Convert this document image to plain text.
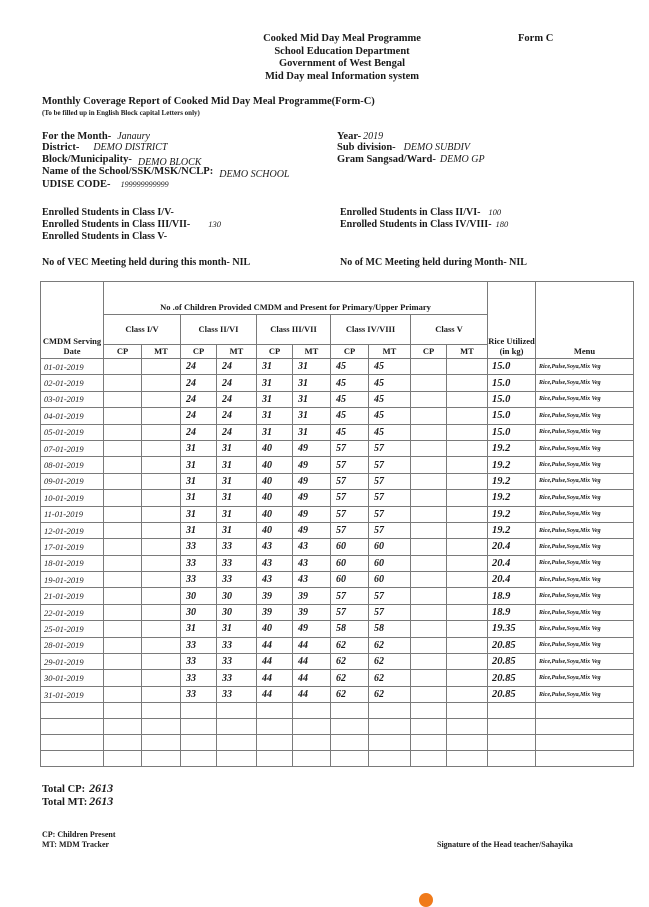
Cooked Mid Day Meal Programme
School Education Department
Government of West Bengal
Mid Day meal Information system
Form C
Monthly Coverage Report of Cooked Mid Day Meal Programme(Form-C)
(To be filled up in English Block capital Letters only)
For the Month- Janaury
District- DEMO DISTRICT
Block/Municipality- DEMO BLOCK
Name of the School/SSK/MSK/NCLP: DEMO SCHOOL
UDISE CODE- 199999999999
Year- 2019
Sub division- DEMO SUBDIV
Gram Sangsad/Ward- DEMO GP
Enrolled Students in Class I/V-
Enrolled Students in Class III/VII- 130
Enrolled Students in Class V-
Enrolled Students in Class II/VI- 100
Enrolled Students in Class IV/VIII- 180
No of VEC Meeting held during this month- NIL	No of MC Meeting held during Month- NIL
CMDM Serving Date	No .of Children Provided CMDM and Present for Primary/Upper Primary										Rice Utilized (in kg)	Menu
	Class I/V		Class II/VI		Class III/VII		Class IV/VIII		Class V			
	CP	MT	CP	MT	CP	MT	CP	MT	CP	MT		
01-01-2019			24	24	31	31	45	45			15.0	Rice,Pulse,Soya,Mix Veg
02-01-2019			24	24	31	31	45	45			15.0	Rice,Pulse,Soya,Mix Veg
03-01-2019			24	24	31	31	45	45			15.0	Rice,Pulse,Soya,Mix Veg
04-01-2019			24	24	31	31	45	45			15.0	Rice,Pulse,Soya,Mix Veg
05-01-2019			24	24	31	31	45	45			15.0	Rice,Pulse,Soya,Mix Veg
07-01-2019			31	31	40	49	57	57			19.2	Rice,Pulse,Soya,Mix Veg
08-01-2019			31	31	40	49	57	57			19.2	Rice,Pulse,Soya,Mix Veg
09-01-2019			31	31	40	49	57	57			19.2	Rice,Pulse,Soya,Mix Veg
10-01-2019			31	31	40	49	57	57			19.2	Rice,Pulse,Soya,Mix Veg
11-01-2019			31	31	40	49	57	57			19.2	Rice,Pulse,Soya,Mix Veg
12-01-2019			31	31	40	49	57	57			19.2	Rice,Pulse,Soya,Mix Veg
17-01-2019			33	33	43	43	60	60			20.4	Rice,Pulse,Soya,Mix Veg
18-01-2019			33	33	43	43	60	60			20.4	Rice,Pulse,Soya,Mix Veg
19-01-2019			33	33	43	43	60	60			20.4	Rice,Pulse,Soya,Mix Veg
21-01-2019			30	30	39	39	57	57			18.9	Rice,Pulse,Soya,Mix Veg
22-01-2019			30	30	39	39	57	57			18.9	Rice,Pulse,Soya,Mix Veg
25-01-2019			31	31	40	49	58	58			19.35	Rice,Pulse,Soya,Mix Veg
28-01-2019			33	33	44	44	62	62			20.85	Rice,Pulse,Soya,Mix Veg
29-01-2019			33	33	44	44	62	62			20.85	Rice,Pulse,Soya,Mix Veg
30-01-2019			33	33	44	44	62	62			20.85	Rice,Pulse,Soya,Mix Veg
31-01-2019			33	33	44	44	62	62			20.85	Rice,Pulse,Soya,Mix Veg

Total CP: 2613
Total MT: 2613
CP: Children Present
MT: MDM Tracker	Signature of the Head teacher/Sahayika
